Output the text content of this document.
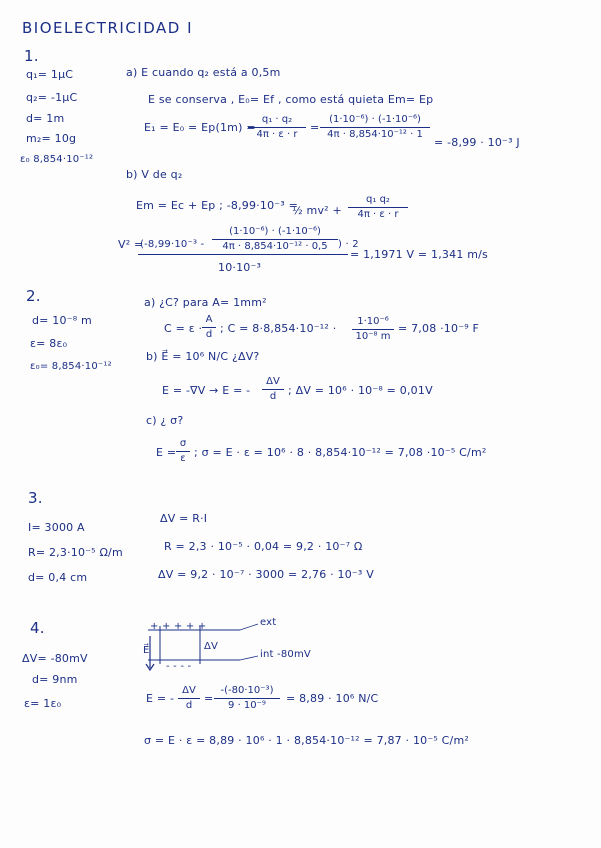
BIOELECTRICIDAD I
1.
q₁= 1µC
q₂= -1µC
d= 1m
m₂= 10g
ε₀ 8,854·10⁻¹²
a) E cuando q₂ está a 0,5m
E se conserva , E₀= Ef , como está quieta Em= Ep
E₁ = E₀ = Ep(1m) =
$\frac{\text{q₁ · q₂}}{4\pi \cdot \varepsilon \cdot r} = \frac{\text{(1·10⁻⁶) · (-1·10⁻⁶)}}{\text{4π · 8,854·10⁻¹² · 1}}$
= -8,99 · 10⁻³ J
b) V de q₂
Em = Ec + Ep ; -8,99·10⁻³ =
½ $mv^2 + \frac{\text{q₁ q₂}}{4\pi \cdot \varepsilon \cdot r}$
V² =
($-8,99\cdot 10^{-3} - \frac{\text{(1·10⁻⁶) · (-1·10⁻⁶)}}{\text{4π · 8,854·10⁻¹² · 0,5}}$ ) · 2
10·10⁻³
= 1,1971 V = 1,341 m/s
2.
d= 10⁻⁸ m
ε= 8ε₀
ε₀= 8,854·10⁻¹²
a) ¿C? para A= 1mm²
$C = \varepsilon \cdot \frac{A}{d}$ ; $C = 8\cdot 8,854\cdot 10^{-12} \cdot \frac{\text{1·10⁻⁶}}{\text{10⁻⁸ m}} = 7,08 \cdot 10^{-9}$ F
b) E⃗ = 10⁶ N/C ¿ΔV?
E = -∇V → E = - $\frac{\Delta V}{d}$ ; ΔV = 10⁶ · 10⁻⁸ = 0,01V
c) ¿ σ?
$E = \frac{\sigma}{\varepsilon}$ ; σ = E · ε = 10⁶ · 8 · 8,854·10⁻¹² = 7,08 ·10⁻⁵ C/m²
3.
I= 3000 A
R= 2,3·10⁻⁵ Ω/m
d= 0,4 cm
ΔV = R·I
R = 2,3 · 10⁻⁵ · 0,04 = 9,2 · 10⁻⁷ Ω
ΔV = 9,2 · 10⁻⁷ · 3000 = 2,76 · 10⁻³ V
4.
ΔV= -80mV
d= 9nm
ε= 1ε₀
+ + + + +
- - - -
ext
int -80mV
ΔV
E⃗
E = - $\frac{\Delta V}{d} = \frac{\text{-(-80·10⁻³)}}{\text{9 · 10⁻⁹}} = 8,89 \cdot 10^6$ N/C
σ = E · ε = 8,89 · 10⁶ · 1 · 8,854·10⁻¹² = 7,87 · 10⁻⁵ C/m²
